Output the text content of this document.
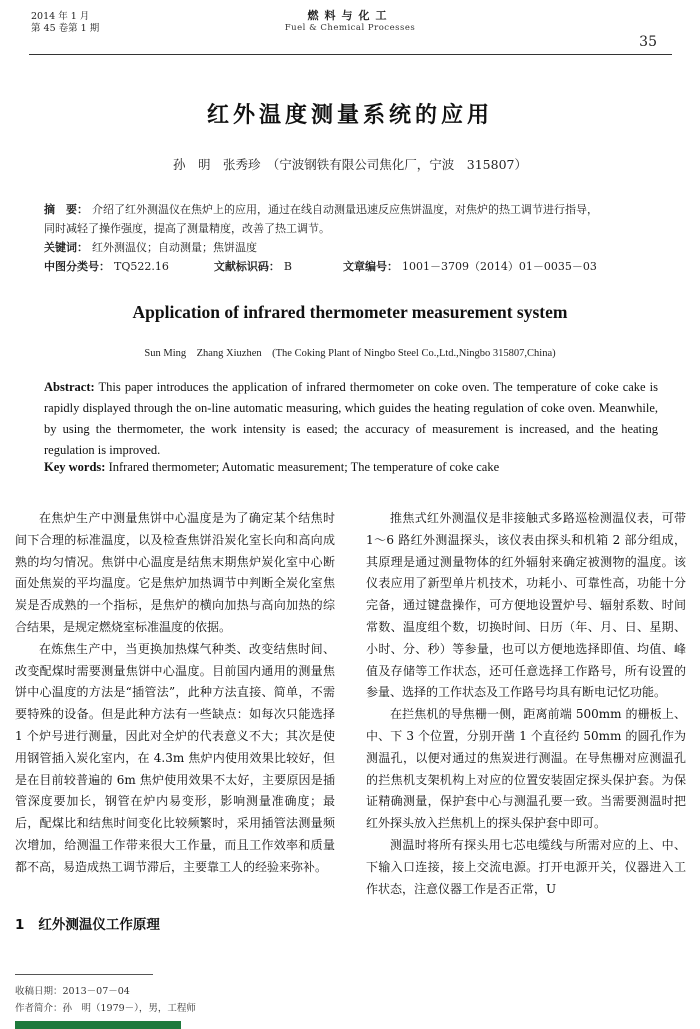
2014 年 1 月
第 45 卷第 1 期
燃料与化工
Fuel & Chemical Processes
35
红外温度测量系统的应用
孙　明　张秀珍　（宁波钢铁有限公司焦化厂，宁波　315807）
摘　要： 介绍了红外测温仪在焦炉上的应用，通过在线自动测量迅速反应焦饼温度，对焦炉的热工调节进行指导，
同时减轻了操作强度，提高了测量精度，改善了热工调节。
关键词： 红外测温仪；自动测量；焦饼温度
中图分类号： TQ522.16	文献标识码： B	文章编号： 1001－3709（2014）01－0035－03
Application of infrared thermometer measurement system
Sun Ming　Zhang Xiuzhen　(The Coking Plant of Ningbo Steel Co.,Ltd.,Ningbo 315807,China)
Abstract: This paper introduces the application of infrared thermometer on coke oven. The temperature of coke cake is rapidly displayed through the on-line automatic measuring, which guides the heating regulation of coke oven. Meanwhile, by using the thermometer, the work intensity is eased; the accuracy of measurement is increased, and the heating regulation is improved.
Key words: Infrared thermometer; Automatic measurement; The temperature of coke cake

在焦炉生产中测量焦饼中心温度是为了确定某个结焦时间下合理的标准温度，以及检查焦饼沿炭化室长向和高向成熟的均匀情况。焦饼中心温度是结焦末期焦炉炭化室中心断面处焦炭的平均温度。它是焦炉加热调节中判断全炭化室焦炭是否成熟的一个指标，是焦炉的横向加热与高向加热的综合结果，是规定燃烧室标准温度的依据。

在炼焦生产中，当更换加热煤气种类、改变结焦时间、改变配煤时需要测量焦饼中心温度。目前国内通用的测量焦饼中心温度的方法是“插管法”，此种方法直接、简单，不需要特殊的设备。但是此种方法有一些缺点：如每次只能选择 1 个炉号进行测量，因此对全炉的代表意义不大；其次是使用钢管插入炭化室内，在 4.3m 焦炉内使用效果比较好，但是在目前较普遍的 6m 焦炉使用效果不太好，主要原因是插管深度要加长，钢管在炉内易变形，影响测量准确度；最后，配煤比和结焦时间变化比较频繁时，采用插管法测量频次增加，给测温工作带来很大工作量，而且工作效率和质量都不高，易造成热工调节滞后，主要靠工人的经验来弥补。

1 红外测温仪工作原理

推焦式红外测温仪是非接触式多路巡检测温仪表，可带 1～6 路红外测温探头，该仪表由探头和机箱 2 部分组成，其原理是通过测量物体的红外辐射来确定被测物的温度。该仪表应用了新型单片机技术，功耗小、可靠性高，功能十分完备，通过键盘操作，可方便地设置炉号、辐射系数、时间常数、温度组个数，切换时间、日历（年、月、日、星期、小时、分、秒）等参量，也可以方便地选择即值、均值、峰值及存储等工作状态，还可任意选择工作路号，所有设置的参量、选择的工作状态及工作路号均具有断电记忆功能。

在拦焦机的导焦栅一侧，距离前端 500mm 的栅板上、中、下 3 个位置，分别开凿 1 个直径约 50mm 的圆孔作为测温孔，以便对通过的焦炭进行测温。在导焦栅对应测温孔的拦焦机支架机构上对应的位置安装固定探头保护套。为保证精确测量，保护套中心与测温孔要一致。当需要测温时把红外探头放入拦焦机上的探头保护套中即可。

测温时将所有探头用七芯电缆线与所需对应的上、中、下输入口连接，接上交流电源。打开电源开关，仪器进入工作状态，注意仪器工作是否正常，U

收稿日期：2013－07－04
作者简介：孙　明（1979－），男，工程师
